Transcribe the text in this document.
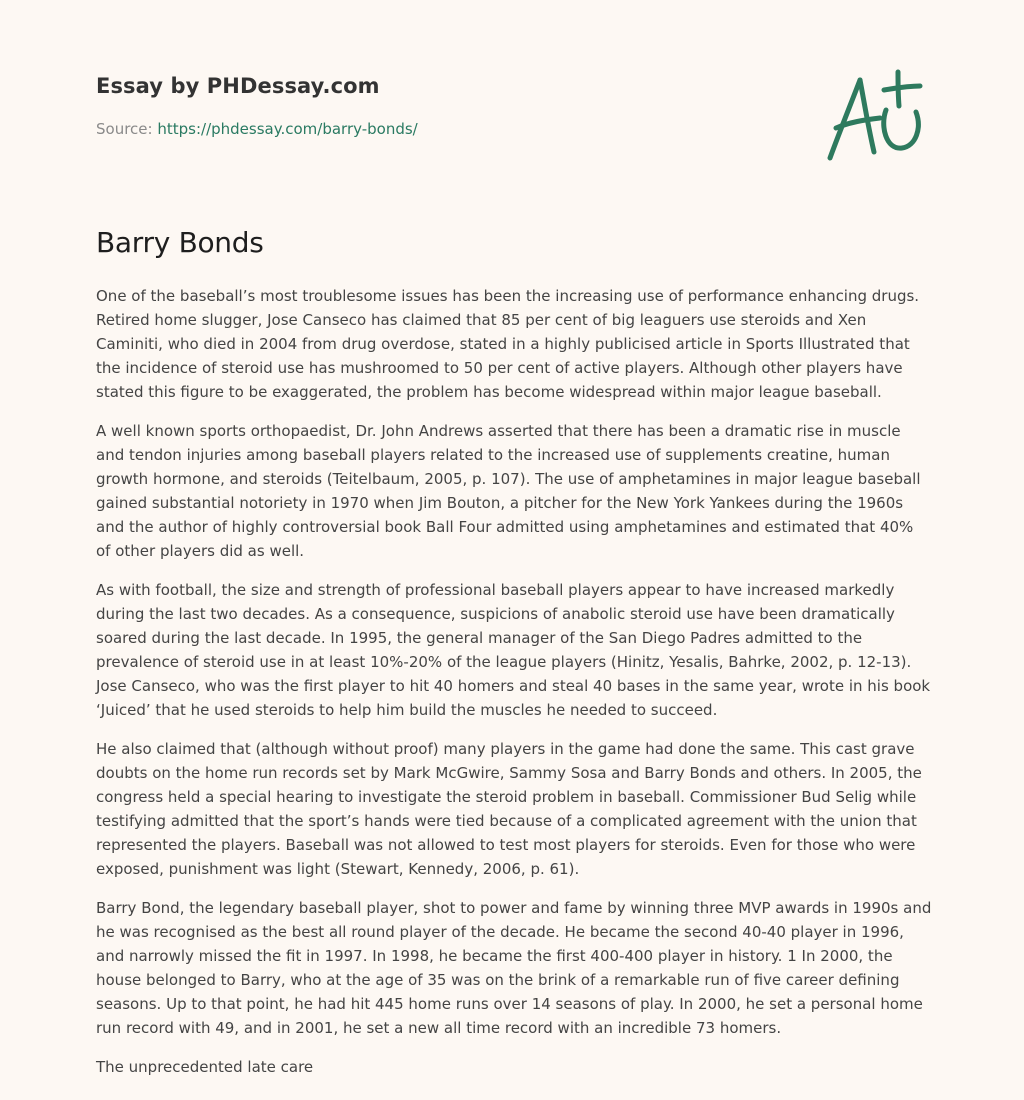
Essay by PHDessay.com
Source: https://phdessay.com/barry-bonds/
Barry Bonds

One of the baseball’s most troublesome issues has been the increasing use of performance enhancing drugs. Retired home slugger, Jose Canseco has claimed that 85 per cent of big leaguers use steroids and Xen Caminiti, who died in 2004 from drug overdose, stated in a highly publicised article in Sports Illustrated that the incidence of steroid use has mushroomed to 50 per cent of active players. Although other players have stated this figure to be exaggerated, the problem has become widespread within major league baseball.

A well known sports orthopaedist, Dr. John Andrews asserted that there has been a dramatic rise in muscle and tendon injuries among baseball players related to the increased use of supplements creatine, human growth hormone, and steroids (Teitelbaum, 2005, p. 107). The use of amphetamines in major league baseball gained substantial notoriety in 1970 when Jim Bouton, a pitcher for the New York Yankees during the 1960s and the author of highly controversial book Ball Four admitted using amphetamines and estimated that 40% of other players did as well.

As with football, the size and strength of professional baseball players appear to have increased markedly during the last two decades. As a consequence, suspicions of anabolic steroid use have been dramatically soared during the last decade. In 1995, the general manager of the San Diego Padres admitted to the prevalence of steroid use in at least 10%-20% of the league players (Hinitz, Yesalis, Bahrke, 2002, p. 12-13). Jose Canseco, who was the first player to hit 40 homers and steal 40 bases in the same year, wrote in his book ‘Juiced’ that he used steroids to help him build the muscles he needed to succeed.

He also claimed that (although without proof) many players in the game had done the same. This cast grave doubts on the home run records set by Mark McGwire, Sammy Sosa and Barry Bonds and others. In 2005, the congress held a special hearing to investigate the steroid problem in baseball. Commissioner Bud Selig while testifying admitted that the sport’s hands were tied because of a complicated agreement with the union that represented the players. Baseball was not allowed to test most players for steroids. Even for those who were exposed, punishment was light (Stewart, Kennedy, 2006, p. 61).

Barry Bond, the legendary baseball player, shot to power and fame by winning three MVP awards in 1990s and he was recognised as the best all round player of the decade. He became the second 40-40 player in 1996, and narrowly missed the fit in 1997. In 1998, he became the first 400-400 player in history. 1 In 2000, the house belonged to Barry, who at the age of 35 was on the brink of a remarkable run of five career defining seasons. Up to that point, he had hit 445 home runs over 14 seasons of play. In 2000, he set a personal home run record with 49, and in 2001, he set a new all time record with an incredible 73 homers.

The unprecedented late care
